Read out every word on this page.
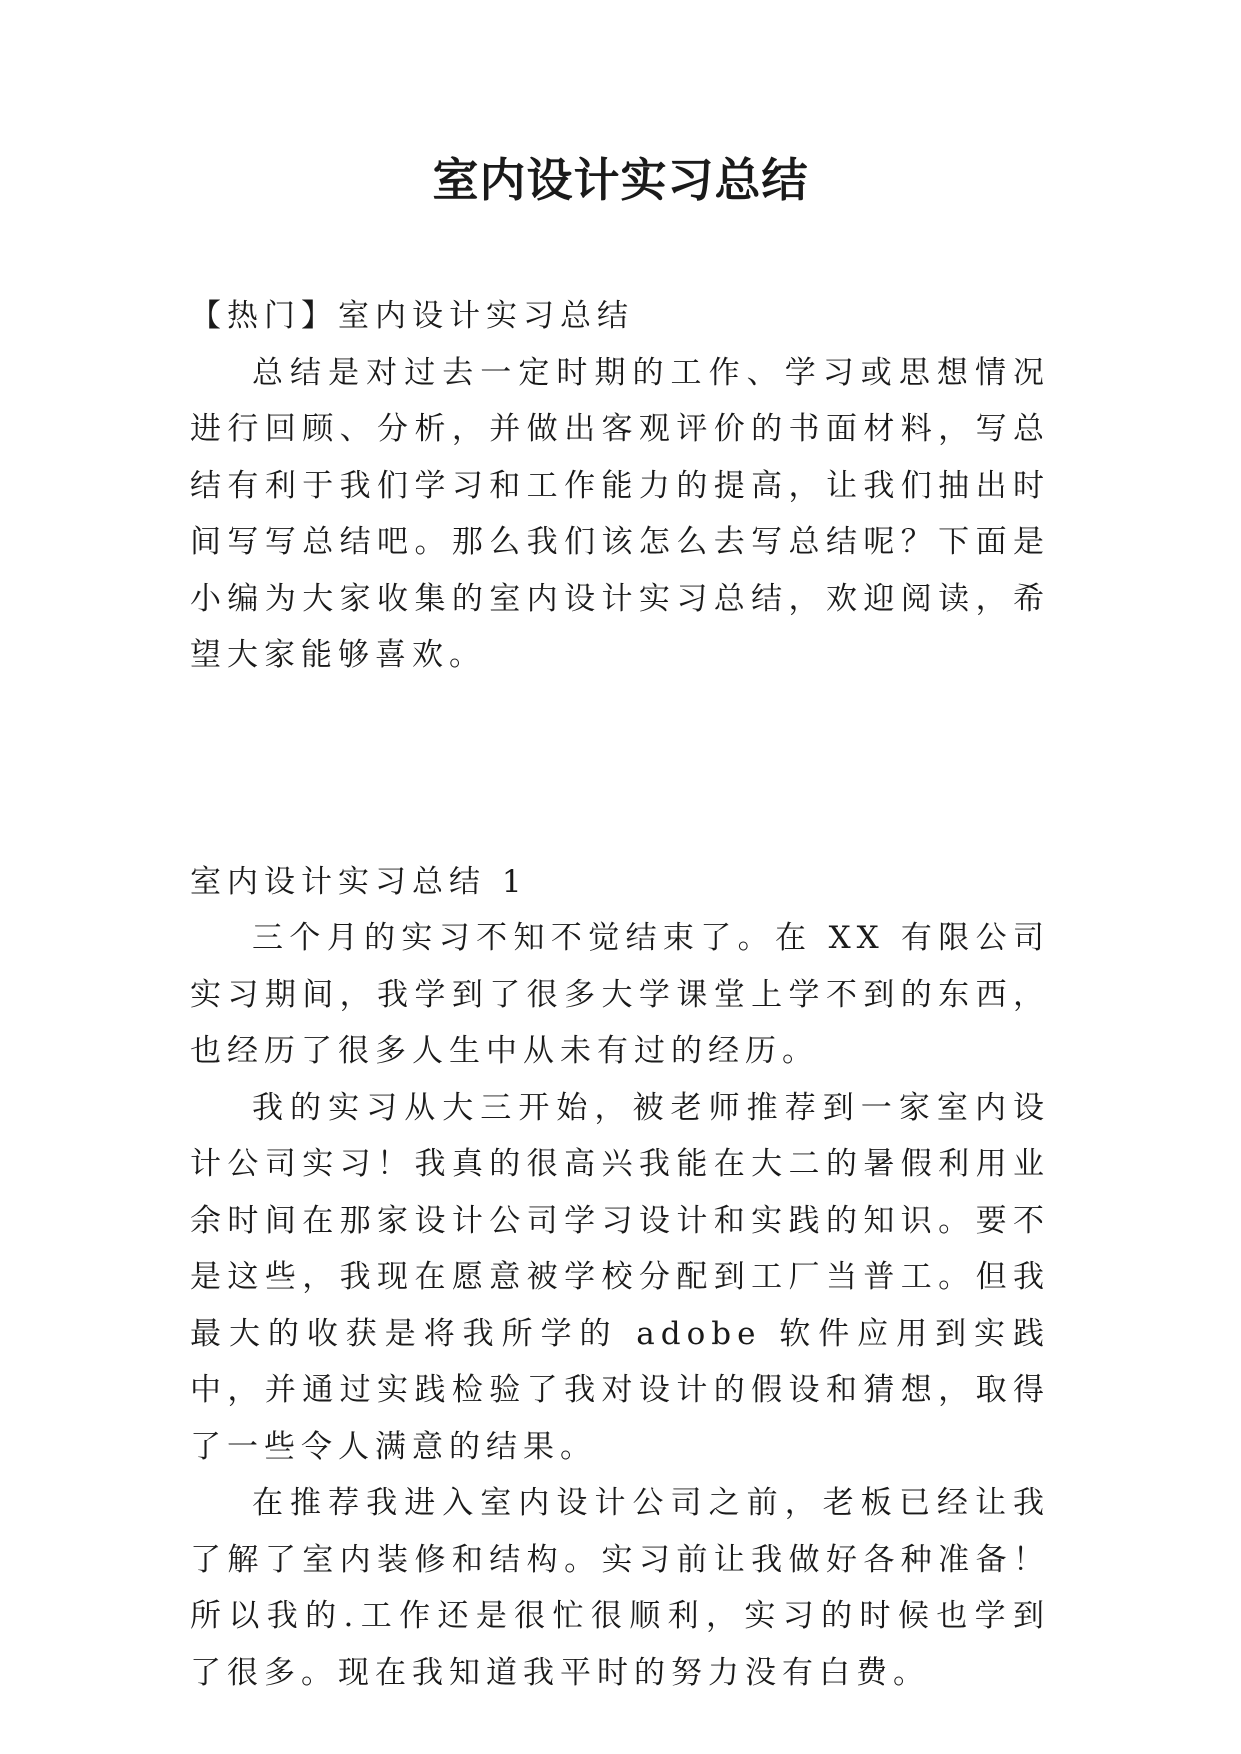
室内设计实习总结

【热门】室内设计实习总结

总结是对过去一定时期的工作、学习或思想情况进行回顾、分析，并做出客观评价的书面材料，写总结有利于我们学习和工作能力的提高，让我们抽出时间写写总结吧。那么我们该怎么去写总结呢？下面是小编为大家收集的室内设计实习总结，欢迎阅读，希望大家能够喜欢。

室内设计实习总结 1

三个月的实习不知不觉结束了。在 XX 有限公司实习期间，我学到了很多大学课堂上学不到的东西，也经历了很多人生中从未有过的经历。

我的实习从大三开始，被老师推荐到一家室内设计公司实习！我真的很高兴我能在大二的暑假利用业余时间在那家设计公司学习设计和实践的知识。要不是这些，我现在愿意被学校分配到工厂当普工。但我最大的收获是将我所学的 adobe 软件应用到实践中，并通过实践检验了我对设计的假设和猜想，取得了一些令人满意的结果。

在推荐我进入室内设计公司之前，老板已经让我了解了室内装修和结构。实习前让我做好各种准备！所以我的.工作还是很忙很顺利，实习的时候也学到了很多。现在我知道我平时的努力没有白费。
